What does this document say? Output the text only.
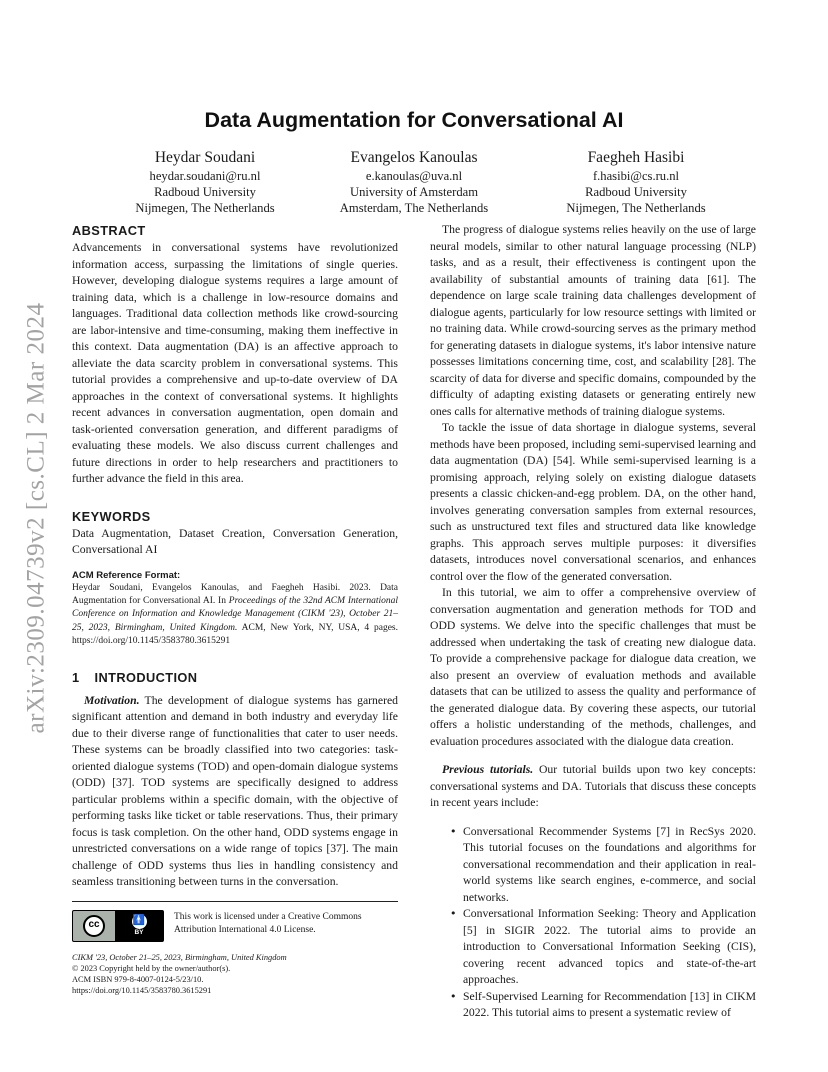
arXiv:2309.04739v2 [cs.CL] 2 Mar 2024
Data Augmentation for Conversational AI
Heydar Soudani
heydar.soudani@ru.nl
Radboud University
Nijmegen, The Netherlands
Evangelos Kanoulas
e.kanoulas@uva.nl
University of Amsterdam
Amsterdam, The Netherlands
Faegheh Hasibi
f.hasibi@cs.ru.nl
Radboud University
Nijmegen, The Netherlands
ABSTRACT

Advancements in conversational systems have revolutionized information access, surpassing the limitations of single queries. However, developing dialogue systems requires a large amount of training data, which is a challenge in low-resource domains and languages. Traditional data collection methods like crowd-sourcing are labor-intensive and time-consuming, making them ineffective in this context. Data augmentation (DA) is an affective approach to alleviate the data scarcity problem in conversational systems. This tutorial provides a comprehensive and up-to-date overview of DA approaches in the context of conversational systems. It highlights recent advances in conversation augmentation, open domain and task-oriented conversation generation, and different paradigms of evaluating these models. We also discuss current challenges and future directions in order to help researchers and practitioners to further advance the field in this area.

KEYWORDS

Data Augmentation, Dataset Creation, Conversation Generation, Conversational AI

ACM Reference Format:

Heydar Soudani, Evangelos Kanoulas, and Faegheh Hasibi. 2023. Data Augmentation for Conversational AI. In Proceedings of the 32nd ACM International Conference on Information and Knowledge Management (CIKM '23), October 21–25, 2023, Birmingham, United Kingdom. ACM, New York, NY, USA, 4 pages. https://doi.org/10.1145/3583780.3615291

1 INTRODUCTION

Motivation. The development of dialogue systems has garnered significant attention and demand in both industry and everyday life due to their diverse range of functionalities that cater to user needs. These systems can be broadly classified into two categories: task-oriented dialogue systems (TOD) and open-domain dialogue systems (ODD) [37]. TOD systems are specifically designed to address particular problems within a specific domain, with the objective of performing tasks like ticket or table reservations. Thus, their primary focus is task completion. On the other hand, ODD systems engage in unrestricted conversations on a wide range of topics [37]. The main challenge of ODD systems thus lies in handling consistency and seamless transitioning between turns in the conversation.

cc	🚹
BY
This work is licensed under a Creative Commons Attribution International 4.0 License.
CIKM '23, October 21–25, 2023, Birmingham, United Kingdom
© 2023 Copyright held by the owner/author(s).
ACM ISBN 979-8-4007-0124-5/23/10.
https://doi.org/10.1145/3583780.3615291

The progress of dialogue systems relies heavily on the use of large neural models, similar to other natural language processing (NLP) tasks, and as a result, their effectiveness is contingent upon the availability of substantial amounts of training data [61]. The dependence on large scale training data challenges development of dialogue agents, particularly for low resource settings with limited or no training data. While crowd-sourcing serves as the primary method for generating datasets in dialogue systems, it's labor intensive nature possesses limitations concerning time, cost, and scalability [28]. The scarcity of data for diverse and specific domains, compounded by the difficulty of adapting existing datasets or generating entirely new ones calls for alternative methods of training dialogue systems.

To tackle the issue of data shortage in dialogue systems, several methods have been proposed, including semi-supervised learning and data augmentation (DA) [54]. While semi-supervised learning is a promising approach, relying solely on existing dialogue datasets presents a classic chicken-and-egg problem. DA, on the other hand, involves generating conversation samples from external resources, such as unstructured text files and structured data like knowledge graphs. This approach serves multiple purposes: it diversifies datasets, introduces novel conversational scenarios, and enhances control over the flow of the generated conversation.

In this tutorial, we aim to offer a comprehensive overview of conversation augmentation and generation methods for TOD and ODD systems. We delve into the specific challenges that must be addressed when undertaking the task of creating new dialogue data. To provide a comprehensive package for dialogue data creation, we also present an overview of evaluation methods and available datasets that can be utilized to assess the quality and performance of the generated dialogue data. By covering these aspects, our tutorial offers a holistic understanding of the methods, challenges, and evaluation procedures associated with the dialogue data creation.

Previous tutorials. Our tutorial builds upon two key concepts: conversational systems and DA. Tutorials that discuss these concepts in recent years include:

• Conversational Recommender Systems [7] in RecSys 2020. This tutorial focuses on the foundations and algorithms for conversational recommendation and their application in real-world systems like search engines, e-commerce, and social networks.
• Conversational Information Seeking: Theory and Application [5] in SIGIR 2022. The tutorial aims to provide an introduction to Conversational Information Seeking (CIS), covering recent advanced topics and state-of-the-art approaches.
• Self-Supervised Learning for Recommendation [13] in CIKM 2022. This tutorial aims to present a systematic review of
